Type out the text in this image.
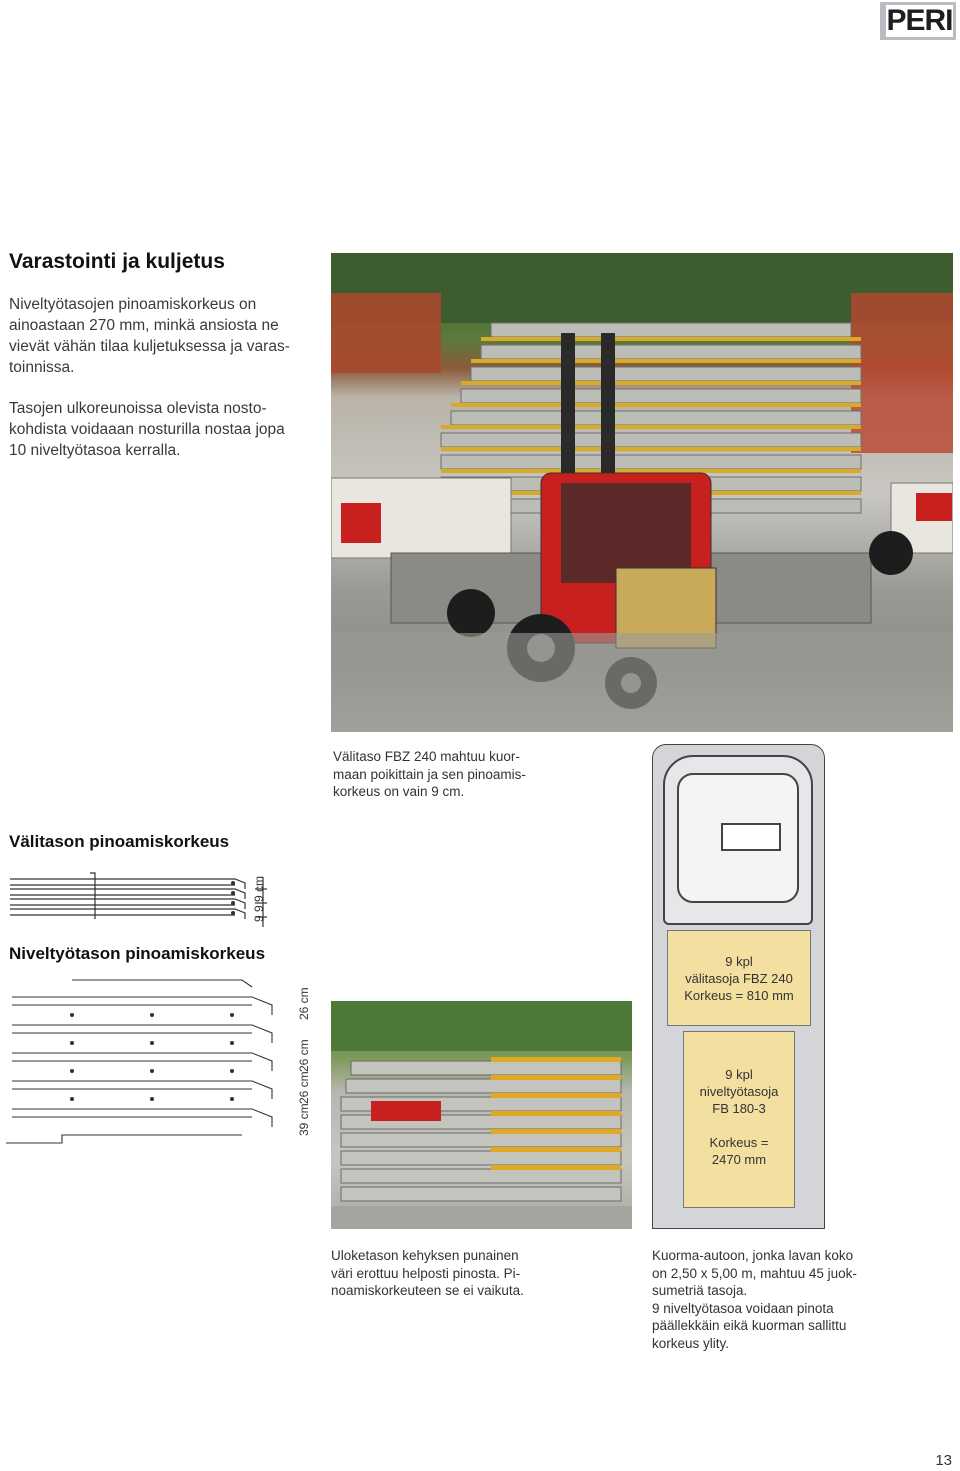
PERI
Varastointi ja kuljetus
Niveltyötasojen pinoamiskorkeus on
ainoastaan 270 mm, minkä ansiosta ne
vievät vähän tilaa kuljetuksessa ja varas-
toinnissa.
Tasojen ulkoreunoissa olevista nosto-
kohdista voidaaan nosturilla nostaa jopa
10 niveltyötasoa kerralla.
Välitaso FBZ 240 mahtuu kuor-
maan poikittain ja sen pinoamis-
korkeus on vain 9 cm.
Välitason pinoamiskorkeus
9 9 9 cm
Niveltyötason pinoamiskorkeus
26 cm
26 cm
26 cm
39 cm
9 kpl
välitasoja FBZ 240
Korkeus = 810 mm
9 kpl
niveltyötasoja
FB 180-3
Korkeus =
2470 mm
Uloketason kehyksen punainen
väri erottuu helposti pinosta. Pi-
noamiskorkeuteen se ei vaikuta.
Kuorma-autoon, jonka lavan koko
on 2,50 x 5,00 m, mahtuu 45 juok-
sumetriä tasoja.
9 niveltyötasoa voidaan pinota
päällekkäin eikä kuorman sallittu
korkeus ylity.
13
